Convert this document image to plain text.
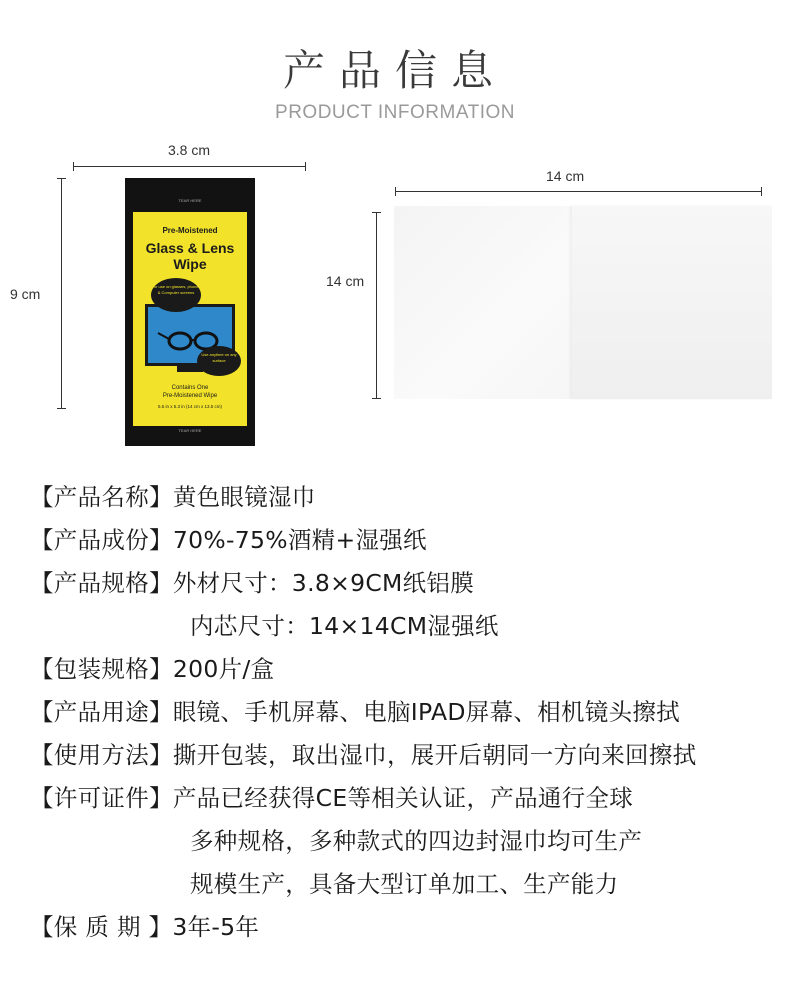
产品信息
PRODUCT INFORMATION
3.8 cm
9 cm
TEAR HERE
Pre-Moistened
Glass & Lens
Wipe
For use on glasses, phones & Computer screens
Use anytime on any surface
Contains One
Pre-Moistened Wipe
5.5 in x 5.3 in (14 cm x 13.5 cm)
TEAR HERE
14 cm
14 cm
【产品名称】黄色眼镜湿巾
【产品成份】70%-75%酒精+湿强纸
【产品规格】外材尺寸：3.8×9CM纸铝膜
内芯尺寸：14×14CM湿强纸
【包装规格】200片/盒
【产品用途】眼镜、手机屏幕、电脑IPAD屏幕、相机镜头擦拭
【使用方法】撕开包装，取出湿巾，展开后朝同一方向来回擦拭
【许可证件】产品已经获得CE等相关认证，产品通行全球
多种规格，多种款式的四边封湿巾均可生产
规模生产，具备大型订单加工、生产能力
【保 质 期 】3年-5年
